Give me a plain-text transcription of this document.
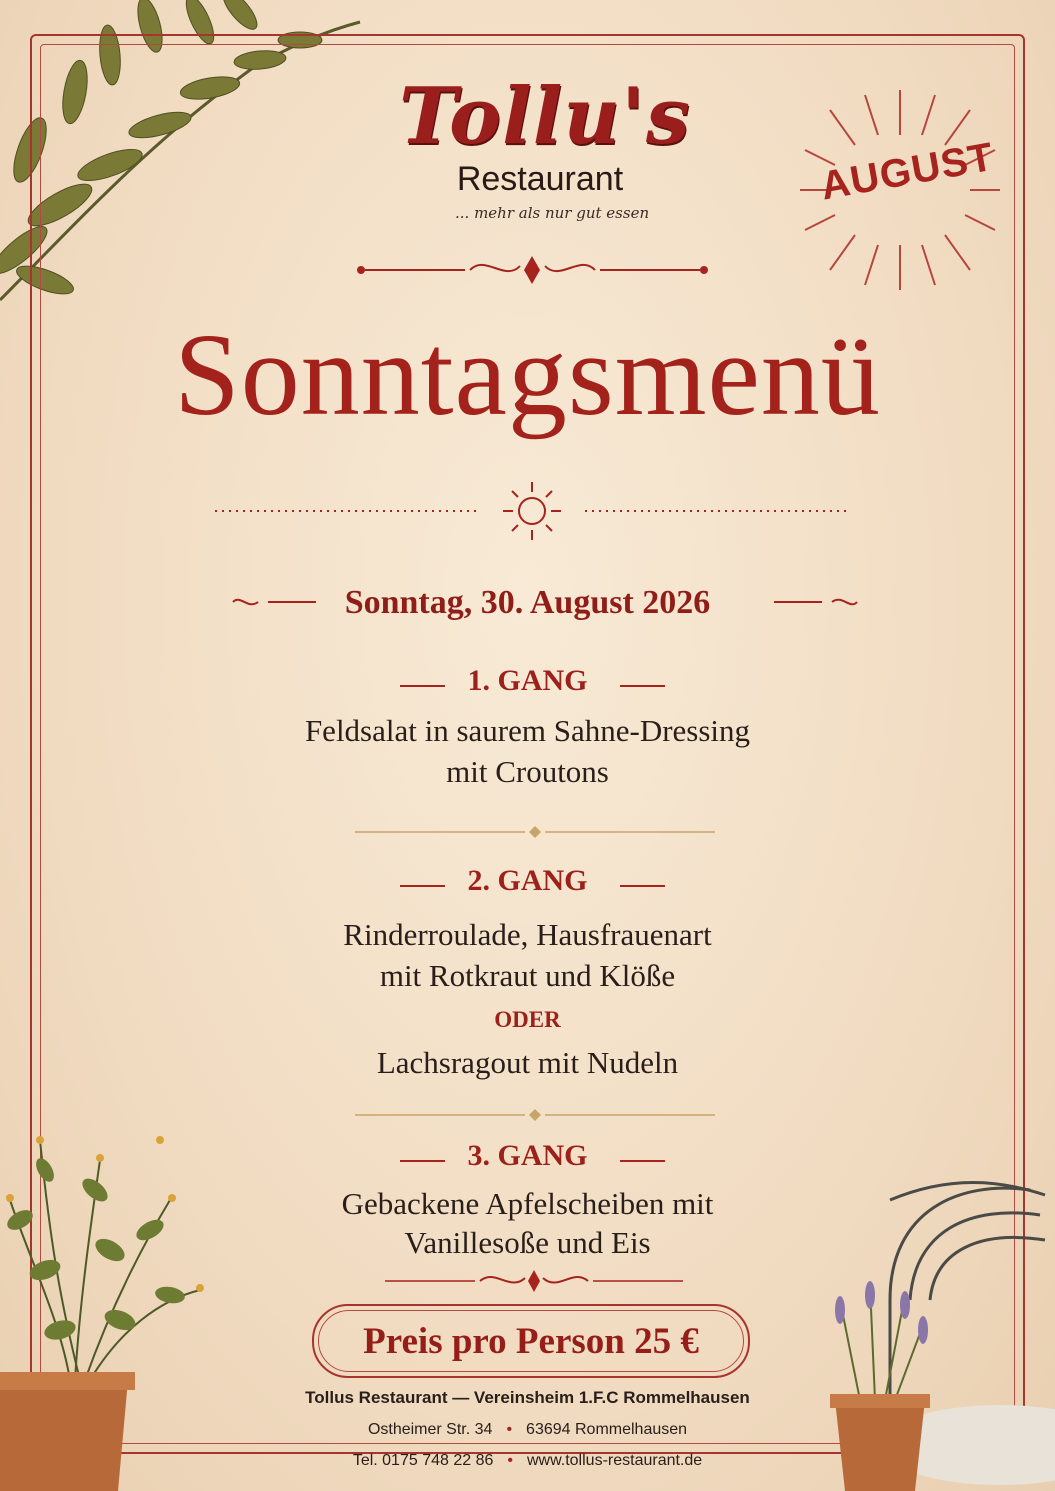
Tollu's
Restaurant
... mehr als nur gut essen
AUGUST
Sonntagsmenü
Sonntag, 30. August 2026
1. GANG
Feldsalat in saurem Sahne-Dressing
mit Croutons
2. GANG
Rinderroulade, Hausfrauenart
mit Rotkraut und Klöße
ODER
Lachsragout mit Nudeln
3. GANG
Gebackene Apfelscheiben mit
Vanillesoße und Eis
Preis pro Person 25 €
Tollus Restaurant — Vereinsheim 1.F.C Rommelhausen
Ostheimer Str. 34 • 63694 Rommelhausen
Tel. 0175 748 22 86 • www.tollus-restaurant.de
